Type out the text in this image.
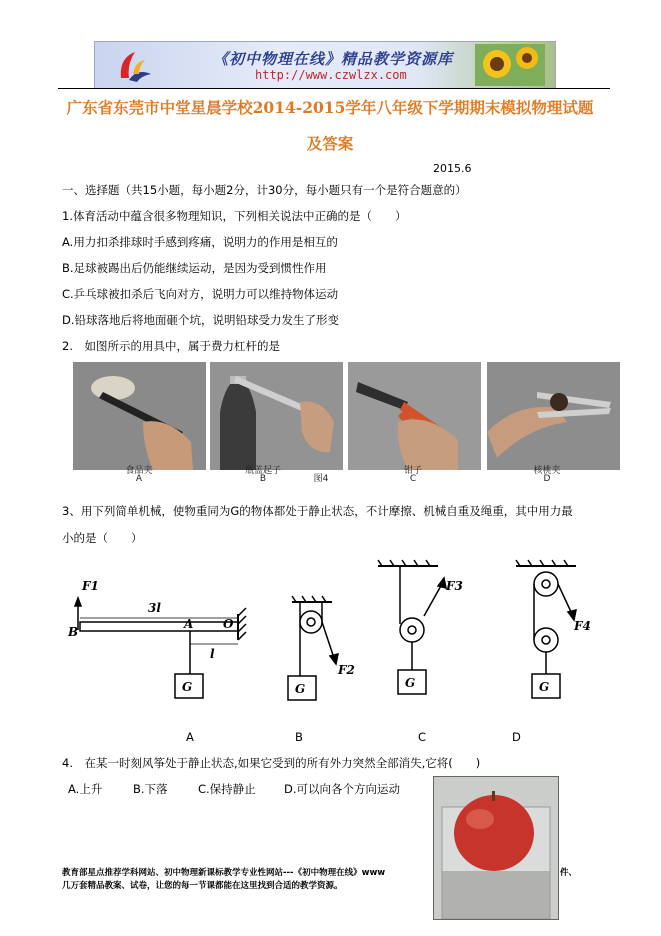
《初中物理在线》精品教学资源库
http://www.czwlzx.com
广东省东莞市中堂星晨学校2014-2015学年八年级下学期期末模拟物理试题
及答案
2015.6
一、选择题（共15小题，每小题2分，计30分，每小题只有一个是符合题意的）
1.体育活动中蕴含很多物理知识，下列相关说法中正确的是（　　）
A.用力扣杀排球时手感到疼痛，说明力的作用是相互的
B.足球被踢出后仍能继续运动，是因为受到惯性作用
C.乒乓球被扣杀后飞向对方，说明力可以维持物体运动
D.铅球落地后将地面砸个坑，说明铅球受力发生了形变
2.　如图所示的用具中，属于费力杠杆的是
食品夹
A
瓶盖起子
B	图4
钳子
C
核桃夹
D
3、用下列简单机械，使物重同为G的物体都处于静止状态，不计摩擦、机械自重及绳重，其中用力最
小的是（　　）
F1
3l
B
A O
l
G
F2
G
F3
G
F4
G
A	B	C	D
4.　在某一时刻风筝处于静止状态,如果它受到的所有外力突然全部消失,它将(　　)
A.上升	B.下落	C.保持静止 D.可以向各个方向运动
教育部星点推荐学科网站、初中物理新课标教学专业性网站---《初中物理在线》www	件、
几万套精品教案、试卷，让您的每一节课都能在这里找到合适的教学资源。
